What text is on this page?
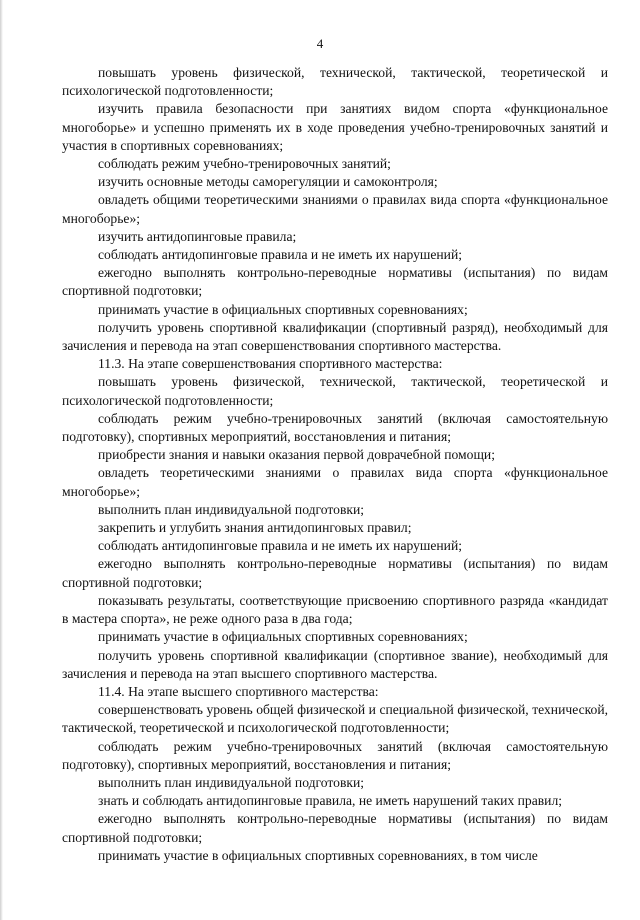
4

повышать уровень физической, технической, тактической, теоретической и психологической подготовленности;

изучить правила безопасности при занятиях видом спорта «функциональное многоборье» и успешно применять их в ходе проведения учебно-тренировочных занятий и участия в спортивных соревнованиях;

соблюдать режим учебно-тренировочных занятий;

изучить основные методы саморегуляции и самоконтроля;

овладеть общими теоретическими знаниями о правилах вида спорта «функциональное многоборье»;

изучить антидопинговые правила;

соблюдать антидопинговые правила и не иметь их нарушений;

ежегодно выполнять контрольно-переводные нормативы (испытания) по видам спортивной подготовки;

принимать участие в официальных спортивных соревнованиях;

получить уровень спортивной квалификации (спортивный разряд), необходимый для зачисления и перевода на этап совершенствования спортивного мастерства.

11.3. На этапе совершенствования спортивного мастерства:

повышать уровень физической, технической, тактической, теоретической и психологической подготовленности;

соблюдать режим учебно-тренировочных занятий (включая самостоятельную подготовку), спортивных мероприятий, восстановления и питания;

приобрести знания и навыки оказания первой доврачебной помощи;

овладеть теоретическими знаниями о правилах вида спорта «функциональное многоборье»;

выполнить план индивидуальной подготовки;

закрепить и углубить знания антидопинговых правил;

соблюдать антидопинговые правила и не иметь их нарушений;

ежегодно выполнять контрольно-переводные нормативы (испытания) по видам спортивной подготовки;

показывать результаты, соответствующие присвоению спортивного разряда «кандидат в мастера спорта», не реже одного раза в два года;

принимать участие в официальных спортивных соревнованиях;

получить уровень спортивной квалификации (спортивное звание), необходимый для зачисления и перевода на этап высшего спортивного мастерства.

11.4. На этапе высшего спортивного мастерства:

совершенствовать уровень общей физической и специальной физической, технической, тактической, теоретической и психологической подготовленности;

соблюдать режим учебно-тренировочных занятий (включая самостоятельную подготовку), спортивных мероприятий, восстановления и питания;

выполнить план индивидуальной подготовки;

знать и соблюдать антидопинговые правила, не иметь нарушений таких правил;

ежегодно выполнять контрольно-переводные нормативы (испытания) по видам спортивной подготовки;

принимать участие в официальных спортивных соревнованиях, в том числе
